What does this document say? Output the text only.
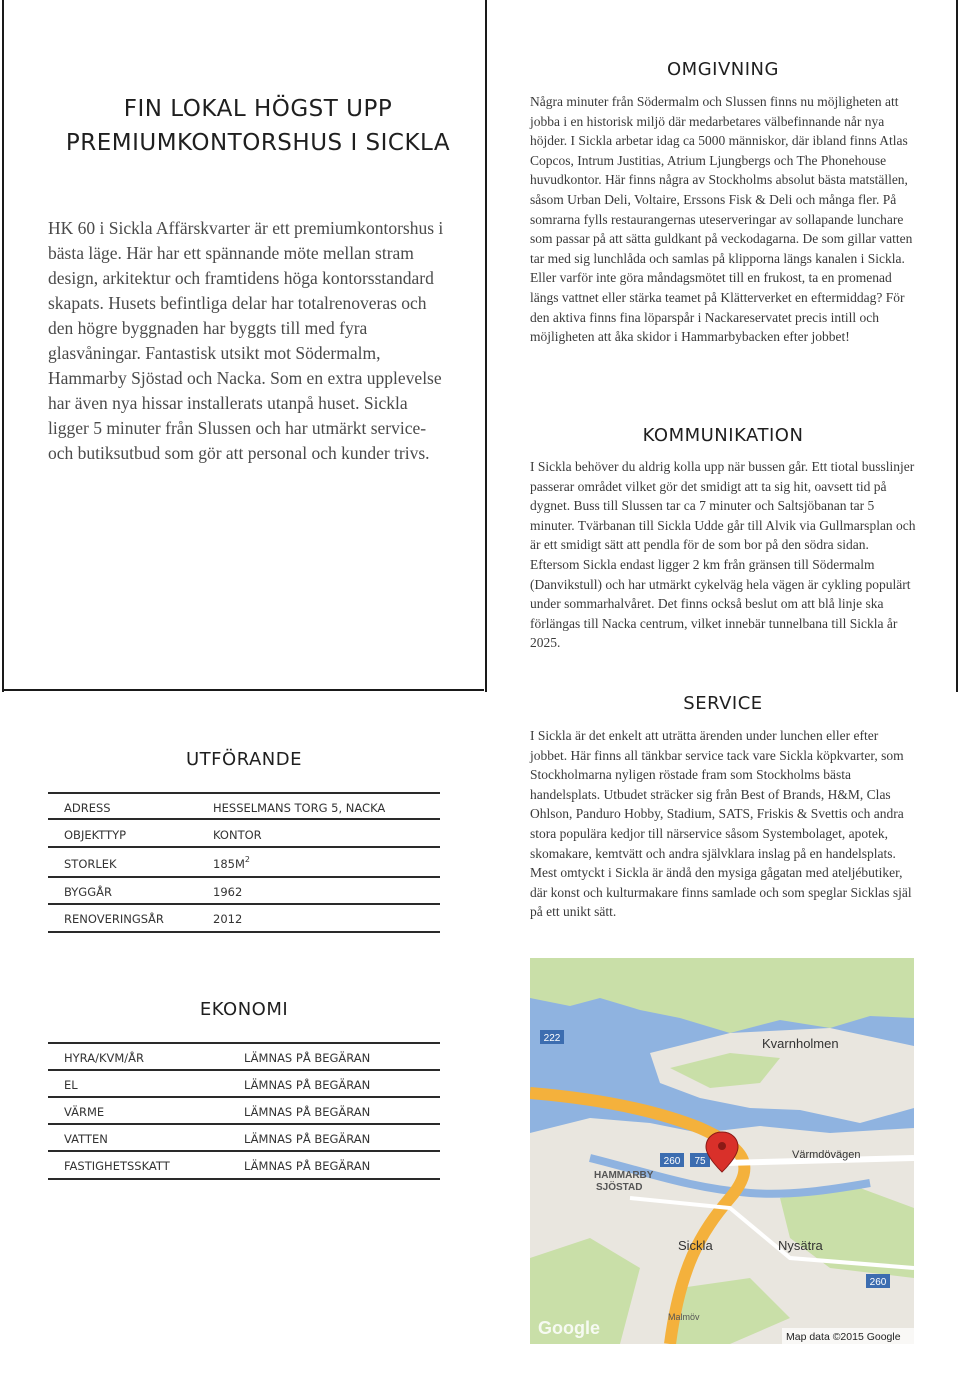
FIN LOKAL HÖGST UPP
PREMIUMKONTORSHUS I SICKLA
HK 60 i Sickla Affärskvarter är ett premiumkontorshus i bästa läge. Här har ett spännande möte mellan stram design, arkitektur och framtidens höga kontorsstandard skapats. Husets befintliga delar har totalrenoveras och den högre byggnaden har byggts till med fyra glasvåningar. Fantastisk utsikt mot Södermalm, Hammarby Sjöstad och Nacka. Som en extra upplevelse har även nya hissar installerats utanpå huset. Sickla ligger 5 minuter från Slussen och har utmärkt service- och butiksutbud som gör att personal och kunder trivs.
OMGIVNING
Några minuter från Södermalm och Slussen finns nu möjligheten att jobba i en historisk miljö där medarbetares välbefinnande når nya höjder. I Sickla arbetar idag ca 5000 människor, där ibland finns Atlas Copcos, Intrum Justitias, Atrium Ljungbergs och The Phonehouse huvudkontor. Här finns några av Stockholms absolut bästa matställen, såsom Urban Deli, Voltaire, Erssons Fisk & Deli och många fler. På somrarna fylls restaurangernas uteserveringar av sollapande lunchare som passar på att sätta guldkant på veckodagarna. De som gillar vatten tar med sig lunchlåda och samlas på klipporna längs kanalen i Sickla. Eller varför inte göra måndagsmötet till en frukost, ta en promenad längs vattnet eller stärka teamet på Klätterverket en eftermiddag? För den aktiva finns fina löparspår i Nackareservatet precis intill och möjligheten att åka skidor i Hammarbybacken efter jobbet!
KOMMUNIKATION
I Sickla behöver du aldrig kolla upp när bussen går. Ett tiotal busslinjer passerar området vilket gör det smidigt att ta sig hit, oavsett tid på dygnet. Buss till Slussen tar ca 7 minuter och Saltsjöbanan tar 5 minuter. Tvärbanan till Sickla Udde går till Alvik via Gullmarsplan och är ett smidigt sätt att pendla för de som bor på den södra sidan. Eftersom Sickla endast ligger 2 km från gränsen till Södermalm (Danvikstull) och har utmärkt cykelväg hela vägen är cykling populärt under sommarhalvåret. Det finns också beslut om att blå linje ska förlängas till Nacka centrum, vilket innebär tunnelbana till Sickla år 2025.
SERVICE
I Sickla är det enkelt att uträtta ärenden under lunchen eller efter jobbet. Här finns all tänkbar service tack vare Sickla köpkvarter, som Stockholmarna nyligen röstade fram som Stockholms bästa handelsplats. Utbudet sträcker sig från Best of Brands, H&M, Clas Ohlson, Panduro Hobby, Stadium, SATS, Friskis & Svettis och andra stora populära kedjor till närservice såsom Systembolaget, apotek, skomakare, kemtvätt och andra självklara inslag på en handelsplats. Mest omtyckt i Sickla är ändå den mysiga gågatan med ateljébutiker, där konst och kulturmakare finns samlade och som speglar Sicklas själ på ett unikt sätt.
UTFÖRANDE
ADRESS	HESSELMANS TORG 5, NACKA
OBJEKTTYP	KONTOR
STORLEK	$185M^2$
BYGGÅR	1962
RENOVERINGSÅR	2012
EKONOMI
HYRA/KVM/ÅR	LÄMNAS PÅ BEGÄRAN
EL	LÄMNAS PÅ BEGÄRAN
VÄRME	LÄMNAS PÅ BEGÄRAN
VATTEN	LÄMNAS PÅ BEGÄRAN
FASTIGHETSSKATT	LÄMNAS PÅ BEGÄRAN
222
260 75
260
Kvarnholmen
HAMMARBY
SJÖSTAD
Värmdövägen
Sickla	Nysätra
Malmöv
Google	Map data ©2015 Google
